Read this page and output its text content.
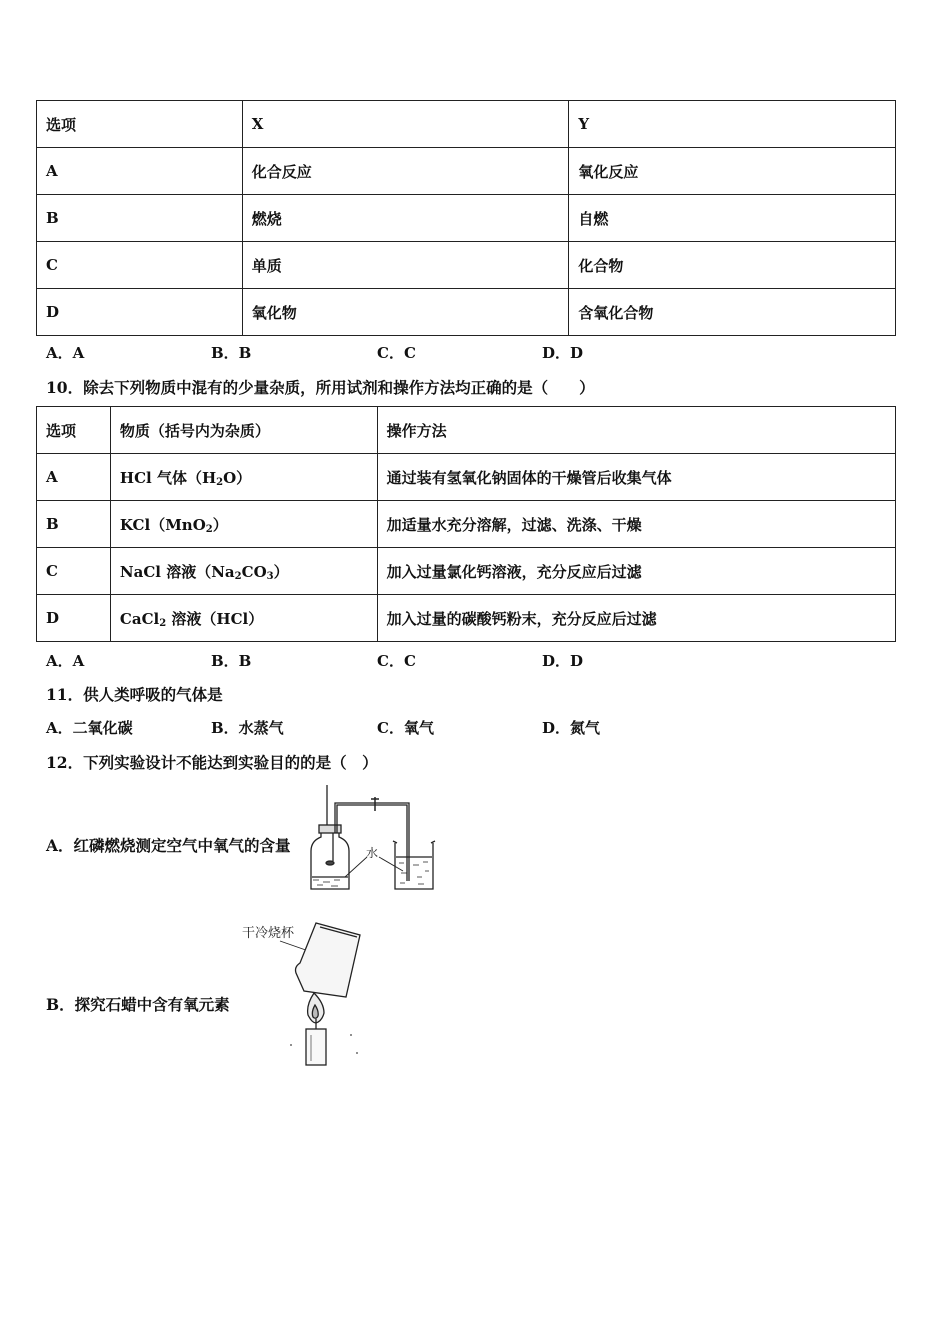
选项	X	Y
A	化合反应	氧化反应
B	燃烧	自燃
C	单质	化合物
D	氧化物	含氧化合物
A．A	B．B	C．C	D．D
10．除去下列物质中混有的少量杂质，所用试剂和操作方法均正确的是（　　）
选项	物质（括号内为杂质）	操作方法
A	HCl 气体$(H_2O)$	通过装有氢氧化钠固体的干燥管后收集气体
B	KCl（MnO$_2$）	加适量水充分溶解，过滤、洗涤、干燥
C	NaCl 溶液$(Na_2CO_3)$	加入过量氯化钙溶液，充分反应后过滤
D	CaCl$_2$ 溶液（HCl）	加入过量的碳酸钙粉末，充分反应后过滤
A．A	B．B	C．C	D．D
11．供人类呼吸的气体是
A．二氧化碳	B．水蒸气	C．氧气	D．氮气
12．下列实验设计不能达到实验目的的是（　）
A．红磷燃烧测定空气中氧气的含量	水
B．探究石蜡中含有氧元素
干冷烧杯
